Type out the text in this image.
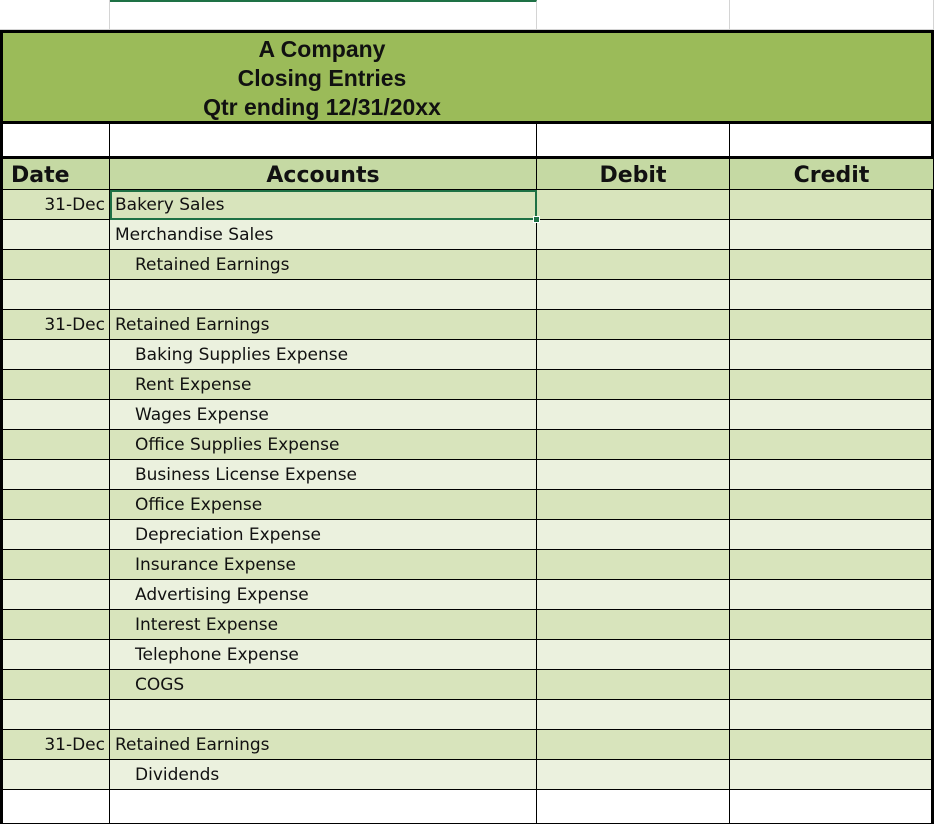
A Company
Closing Entries
Qtr ending 12/31/20xx
Date	Accounts	Debit	Credit
31-Dec Bakery Sales
Merchandise Sales
Retained Earnings
31-Dec Retained Earnings
Baking Supplies Expense
Rent Expense
Wages Expense
Office Supplies Expense
Business License Expense
Office Expense
Depreciation Expense
Insurance Expense
Advertising Expense
Interest Expense
Telephone Expense
COGS
31-Dec Retained Earnings
Dividends
